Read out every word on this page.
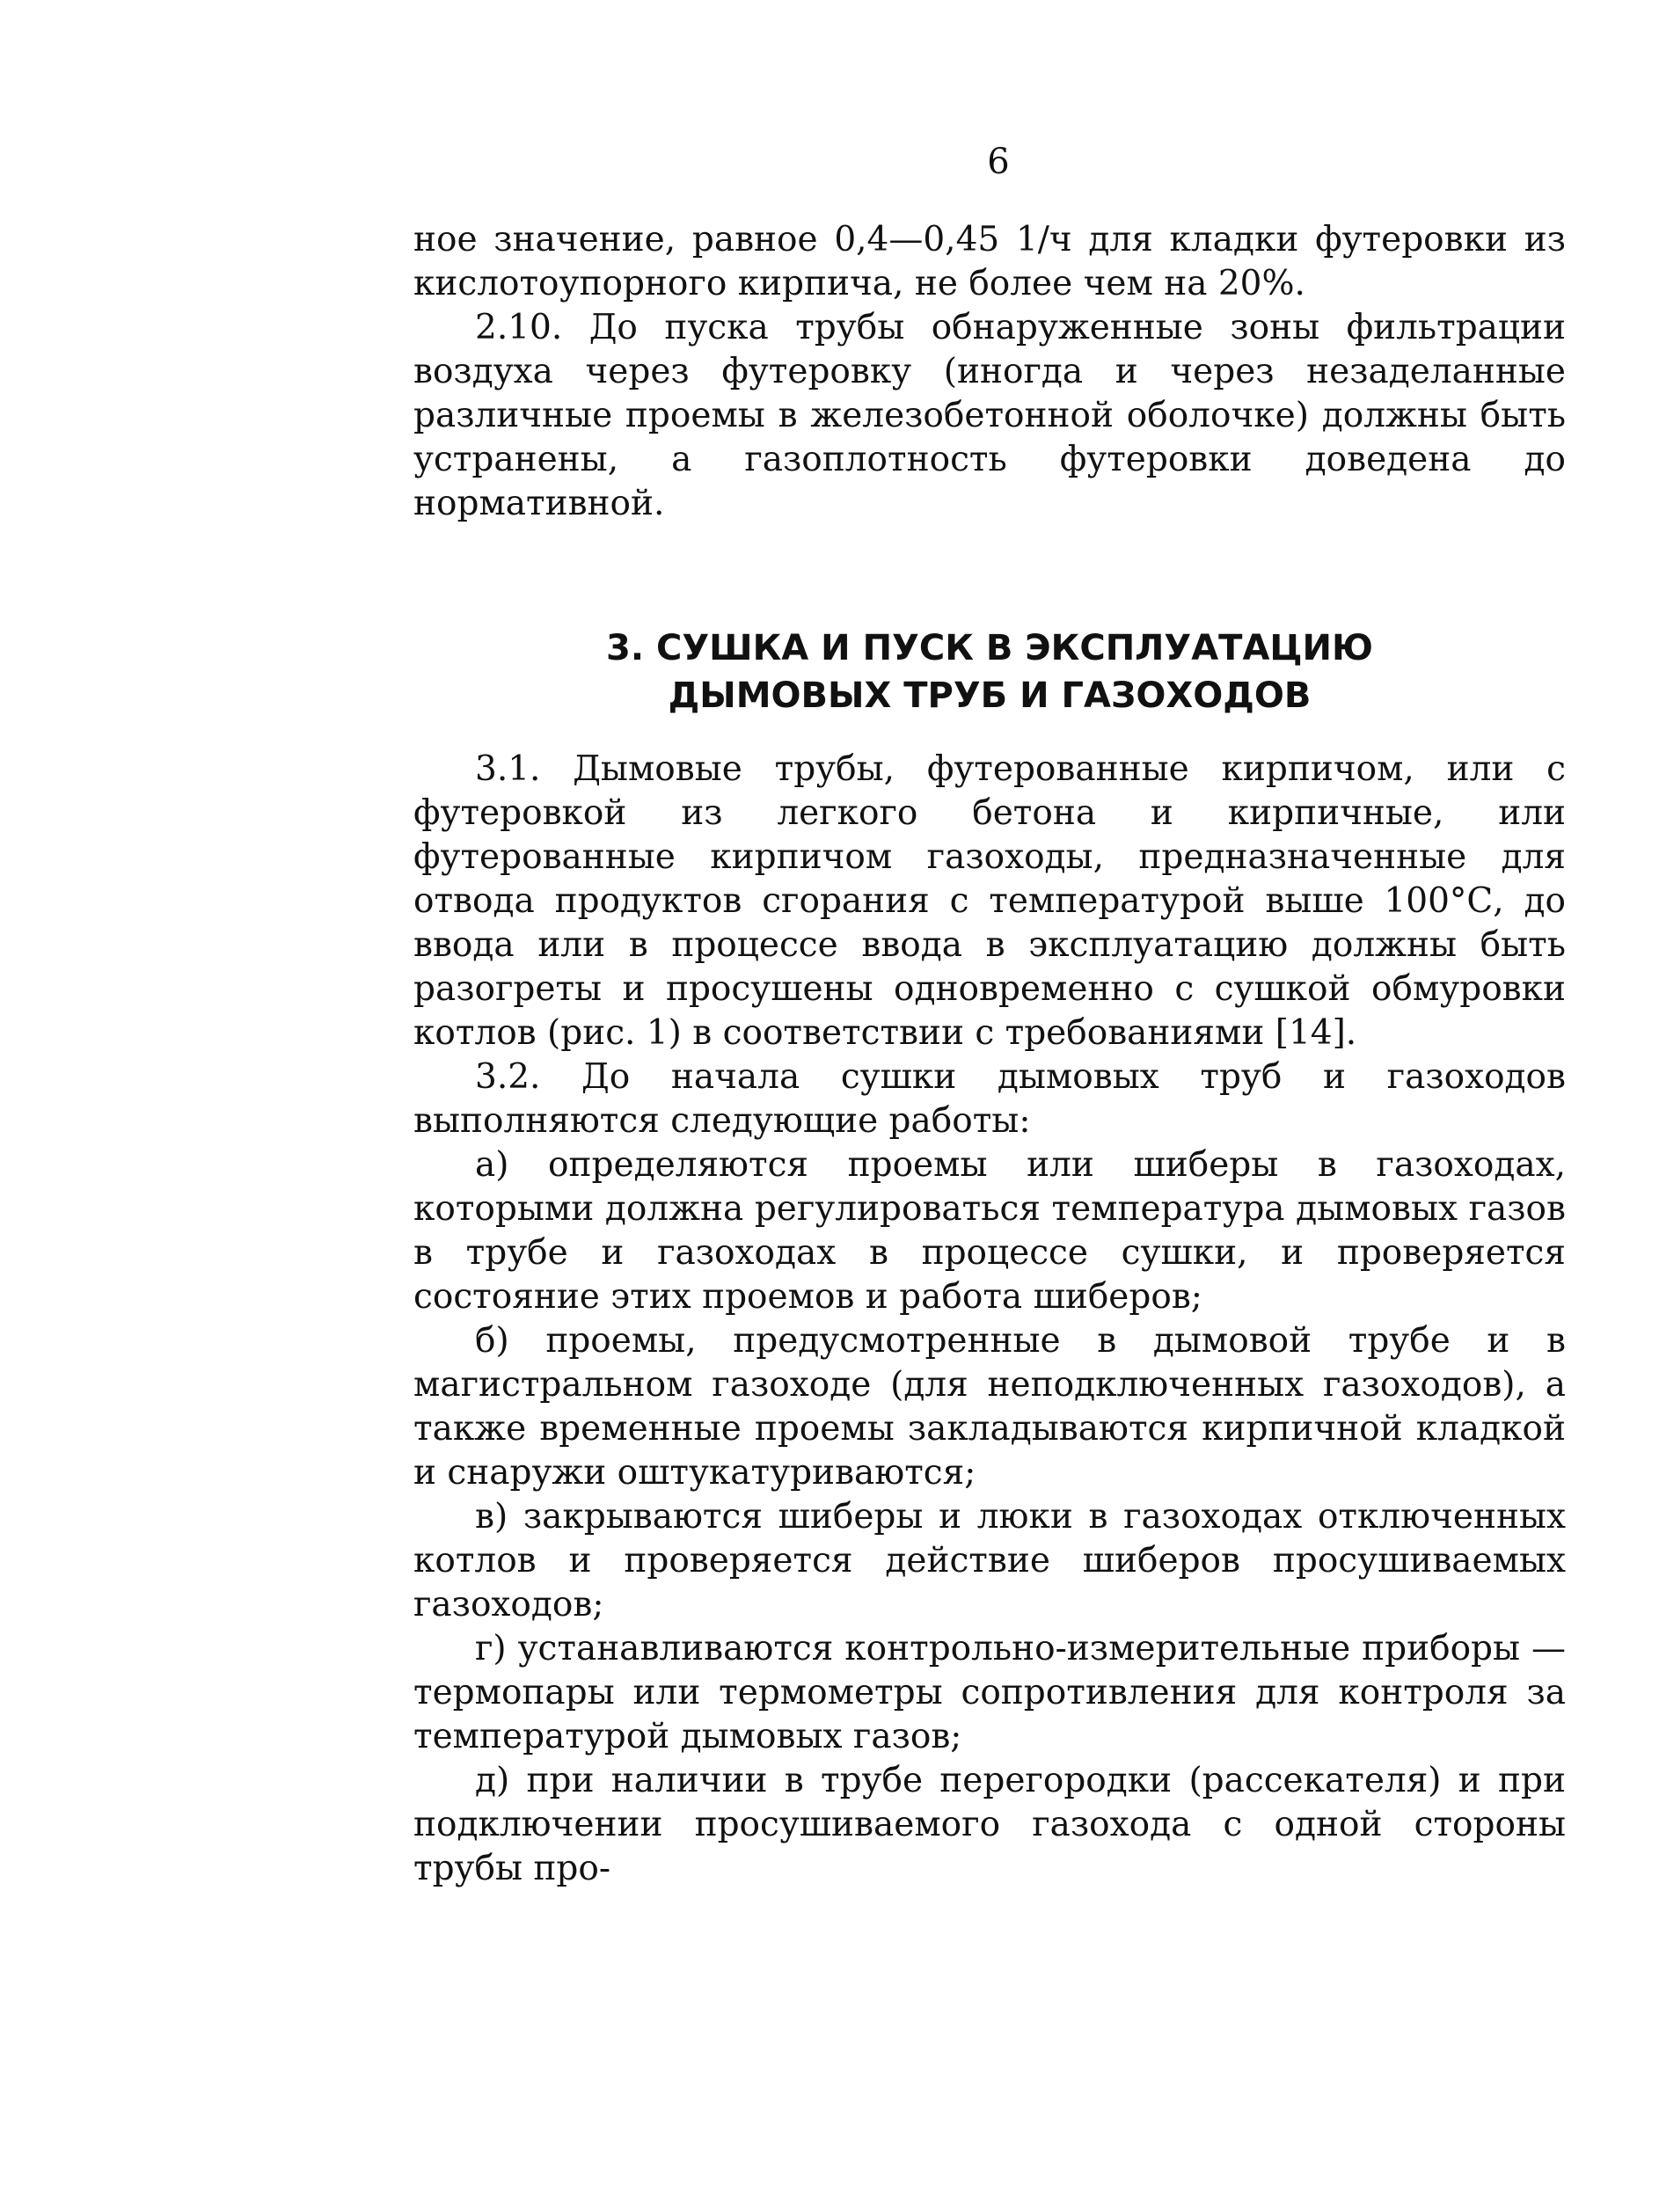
6

ное значение, равное 0,4—0,45 1/ч для кладки футеровки из кислотоупорного кирпича, не более чем на 20%.

2.10. До пуска трубы обнаруженные зоны фильтрации воздуха через футеровку (иногда и через незаделанные различные проемы в железобетонной оболочке) должны быть устранены, а газоплотность футеровки доведена до нормативной.

3. СУШКА И ПУСК В ЭКСПЛУАТАЦИЮ
ДЫМОВЫХ ТРУБ И ГАЗОХОДОВ

3.1. Дымовые трубы, футерованные кирпичом, или с футеровкой из легкого бетона и кирпичные, или футерованные кирпичом газоходы, предназначенные для отвода продуктов сгорания с температурой выше 100°С, до ввода или в процессе ввода в эксплуатацию должны быть разогреты и просушены одновременно с сушкой обмуровки котлов (рис. 1) в соответствии с требованиями [14].

3.2. До начала сушки дымовых труб и газоходов выполняются следующие работы:

а) определяются проемы или шиберы в газоходах, которыми должна регулироваться температура дымовых газов в трубе и газоходах в процессе сушки, и проверяется состояние этих проемов и работа шиберов;

б) проемы, предусмотренные в дымовой трубе и в магистральном газоходе (для неподключенных газоходов), а также временные проемы закладываются кирпичной кладкой и снаружи оштукатуриваются;

в) закрываются шиберы и люки в газоходах отключенных котлов и проверяется действие шиберов просушиваемых газоходов;

г) устанавливаются контрольно-измерительные приборы — термопары или термометры сопротивления для контроля за температурой дымовых газов;

д) при наличии в трубе перегородки (рассекателя) и при подключении просушиваемого газохода с одной стороны трубы про-
